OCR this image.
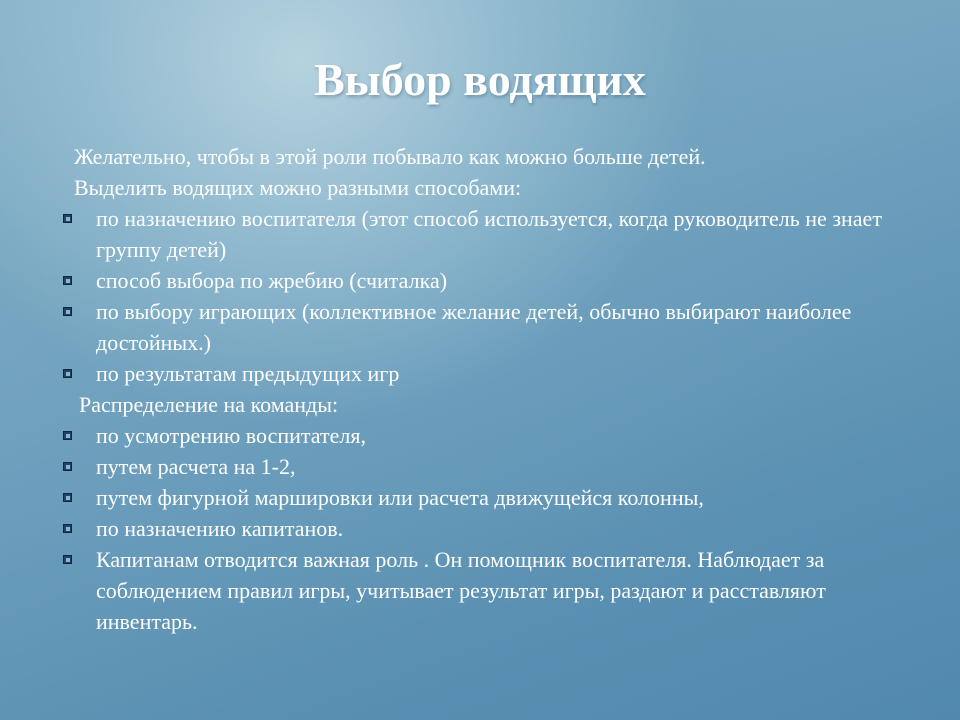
Выбор водящих

Желательно, чтобы в этой роли побывало как можно больше детей.

Выделить водящих можно разными способами:

по назначению воспитателя (этот способ используется, когда руководитель не знает группу детей)
способ выбора по жребию (считалка)
по выбору играющих (коллективное желание детей, обычно выбирают наиболее достойных.)
по результатам предыдущих игр

Распределение на команды:

по усмотрению воспитателя,
путем расчета на 1-2,
путем фигурной маршировки или расчета движущейся колонны,
по назначению капитанов.
Капитанам отводится важная роль . Он помощник воспитателя. Наблюдает за соблюдением правил игры, учитывает результат игры, раздают и расставляют инвентарь.
